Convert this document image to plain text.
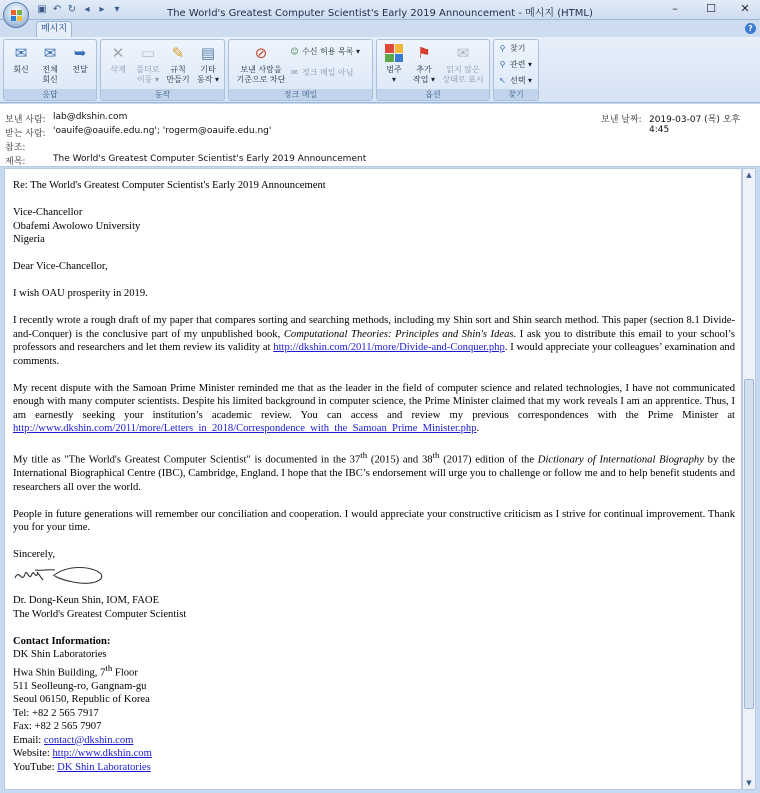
▣ ↶ ↻ ◂ ▸ ▾	The World's Greatest Computer Scientist's Early 2019 Announcement - 메시지 (HTML)	–	☐	✕
메시지	?
✉
회신
✉
전체
회신
➥
전달
응답
✕
삭제
▭
폴더로
이동 ▾
✎
규칙
만들기
▤
기타
동작 ▾
동작
⊘
보낸 사람을
기준으로 차단
☺ 수신 허용 목록 ▾
✉ 정크 메일 아님
정크 메일
범주
▾
⚑
추가
작업 ▾
✉
읽지 않은
상태로 표시
옵션
⚲ 찾기
⚲ 관련 ▾
↖ 선택 ▾
찾기
보낸 사람: lab@dkshin.com
받는 사람: 'oauife@oauife.edu.ng'; 'rogerm@oauife.edu.ng'
참조:
제목:	The World's Greatest Computer Scientist's Early 2019 Announcement
보낸 날짜: 2019-03-07 (목) 오후 4:45

Re: The World's Greatest Computer Scientist's Early 2019 Announcement

Vice-Chancellor
Obafemi Awolowo University
Nigeria

Dear Vice-Chancellor,

I wish OAU prosperity in 2019.

I recently wrote a rough draft of my paper that compares sorting and searching methods, including my Shin sort and Shin search method. This paper (section 8.1 Divide-and-Conquer) is the conclusive part of my unpublished book, Computational Theories: Principles and Shin's Ideas. I ask you to distribute this email to your school’s professors and researchers and let them review its validity at http://dkshin.com/2011/more/Divide-and-Conquer.php. I would appreciate your colleagues’ examination and comments.

My recent dispute with the Samoan Prime Minister reminded me that as the leader in the field of computer science and related technologies, I have not communicated enough with many computer scientists. Despite his limited background in computer science, the Prime Minister claimed that my work reveals I am an apprentice. Thus, I am earnestly seeking your institution’s academic review. You can access and review my previous correspondences with the Prime Minister at http://www.dkshin.com/2011/more/Letters_in_2018/Correspondence_with_the_Samoan_Prime_Minister.php.

My title as "The World's Greatest Computer Scientist" is documented in the 37th (2015) and 38th (2017) edition of the Dictionary of International Biography by the International Biographical Centre (IBC), Cambridge, England. I hope that the IBC’s endorsement will urge you to challenge or follow me and to help benefit students and researchers all over the world.

People in future generations will remember our conciliation and cooperation. I would appreciate your constructive criticism as I strive for continual improvement. Thank you for your time.

Sincerely,
Dr. Dong-Keun Shin, IOM, FAOE

The World's Greatest Computer Scientist

Contact Information:
DK Shin Laboratories
Hwa Shin Building, 7th Floor
511 Seolleung-ro, Gangnam-gu
Seoul 06150, Republic of Korea
Tel: +82 2 565 7917
Fax: +82 2 565 7907
Email: contact@dkshin.com
Website: http://www.dkshin.com
YouTube: DK Shin Laboratories
▲
▼
